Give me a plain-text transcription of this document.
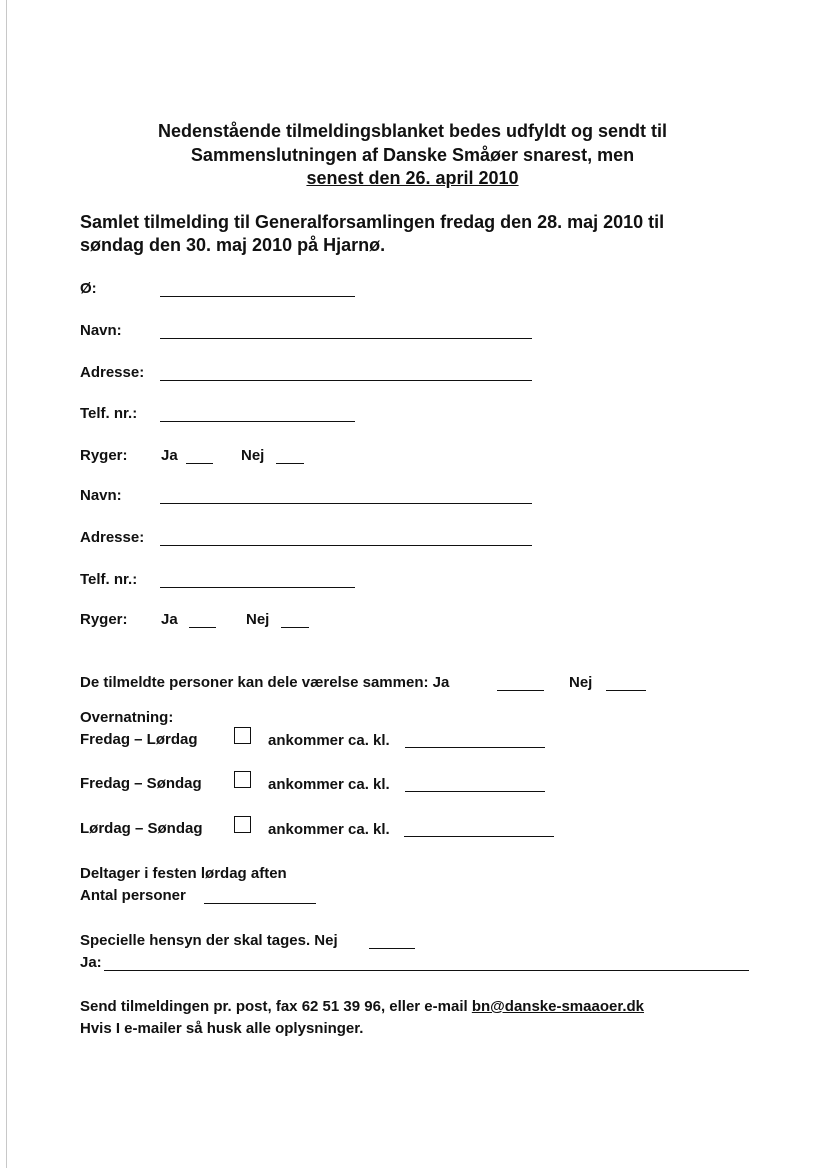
Nedenstående tilmeldingsblanket bedes udfyldt og sendt til
Sammenslutningen af Danske Småøer snarest, men
senest den 26. april 2010
Samlet tilmelding til Generalforsamlingen fredag den 28. maj 2010 til
søndag den 30. maj 2010 på Hjarnø.
Ø:
Navn:
Adresse:
Telf. nr.:
Ryger: Ja	Nej
Navn:
Adresse:
Telf. nr.:
Ryger: Ja	Nej
De tilmeldte personer kan dele værelse sammen: Ja	Nej
Overnatning:
Fredag – Lørdag	ankommer ca. kl.
Fredag – Søndag	ankommer ca. kl.
Lørdag – Søndag	ankommer ca. kl.
Deltager i festen lørdag aften
Antal personer
Specielle hensyn der skal tages. Nej
Ja:
Send tilmeldingen pr. post, fax 62 51 39 96, eller e-mail bn@danske-smaaoer.dk
Hvis I e-mailer så husk alle oplysninger.
